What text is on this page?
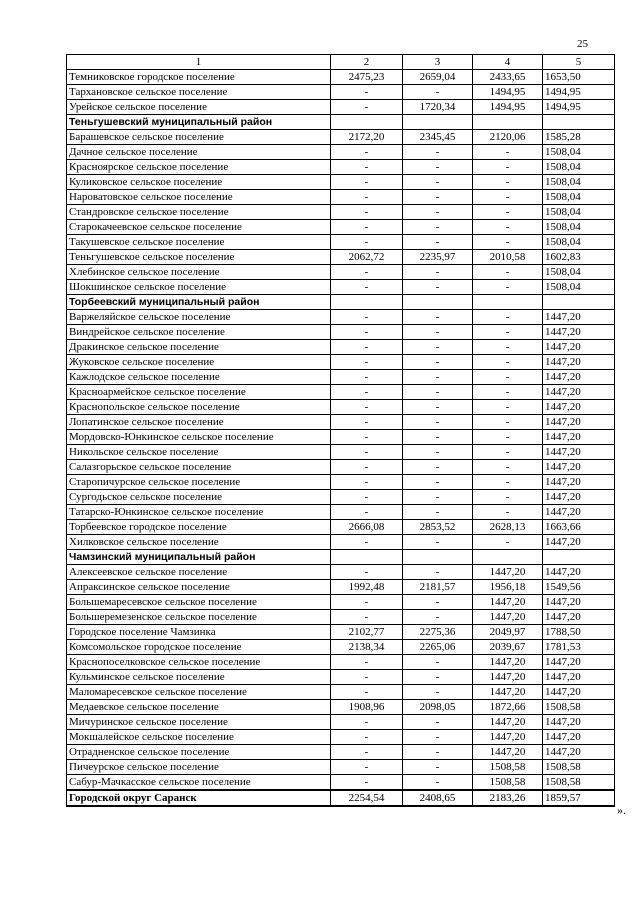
25
1	2	3	4	5
Темниковское городское поселение	2475,23	2659,04	2433,65	1653,50
Тархановское сельское поселение	-	-	1494,95	1494,95
Урейское сельское поселение	-	1720,34	1494,95	1494,95
Теньгушевский муниципальный район				
Барашевское сельское поселение	2172,20	2345,45	2120,06	1585,28
Дачное сельское поселение	-	-	-	1508,04
Красноярское сельское поселение	-	-	-	1508,04
Куликовское сельское поселение	-	-	-	1508,04
Нароватовское сельское поселение	-	-	-	1508,04
Стандровское сельское поселение	-	-	-	1508,04
Старокачеевское сельское поселение	-	-	-	1508,04
Такушевское сельское поселение	-	-	-	1508,04
Теньгушевское сельское поселение	2062,72	2235,97	2010,58	1602,83
Хлебинское сельское поселение	-	-	-	1508,04
Шокшинское сельское поселение	-	-	-	1508,04
Торбеевский муниципальный район				
Варжеляйское сельское поселение	-	-	-	1447,20
Виндрейское сельское поселение	-	-	-	1447,20
Дракинское сельское поселение	-	-	-	1447,20
Жуковское сельское поселение	-	-	-	1447,20
Кажлодское сельское поселение	-	-	-	1447,20
Красноармейское сельское поселение	-	-	-	1447,20
Краснопольское сельское поселение	-	-	-	1447,20
Лопатинское сельское поселение	-	-	-	1447,20
Мордовско-Юнкинское сельское поселение	-	-	-	1447,20
Никольское сельское поселение	-	-	-	1447,20
Салазгорьское сельское поселение	-	-	-	1447,20
Старопичурское сельское поселение	-	-	-	1447,20
Сургодьское сельское поселение	-	-	-	1447,20
Татарско-Юнкинское сельское поселение	-	-	-	1447,20
Торбеевское городское поселение	2666,08	2853,52	2628,13	1663,66
Хилковское сельское поселение	-	-	-	1447,20
Чамзинский муниципальный район				
Алексеевское сельское поселение	-	-	1447,20	1447,20
Апраксинское сельское поселение	1992,48	2181,57	1956,18	1549,56
Большемаресевское сельское поселение	-	-	1447,20	1447,20
Большеремезенское сельское поселение	-	-	1447,20	1447,20
Городское поселение Чамзинка	2102,77	2275,36	2049,97	1788,50
Комсомольское городское поселение	2138,34	2265,06	2039,67	1781,53
Краснопоселковское сельское поселение	-	-	1447,20	1447,20
Кульминское сельское поселение	-	-	1447,20	1447,20
Маломаресевское сельское поселение	-	-	1447,20	1447,20
Медаевское сельское поселение	1908,96	2098,05	1872,66	1508,58
Мичуринское сельское поселение	-	-	1447,20	1447,20
Мокшалейское сельское поселение	-	-	1447,20	1447,20
Отрадненское сельское поселение	-	-	1447,20	1447,20
Пичеурское сельское поселение	-	-	1508,58	1508,58
Сабур-Мачкасское сельское поселение	-	-	1508,58	1508,58
Городской округ Саранск	2254,54	2408,65	2183,26	1859,57
».
